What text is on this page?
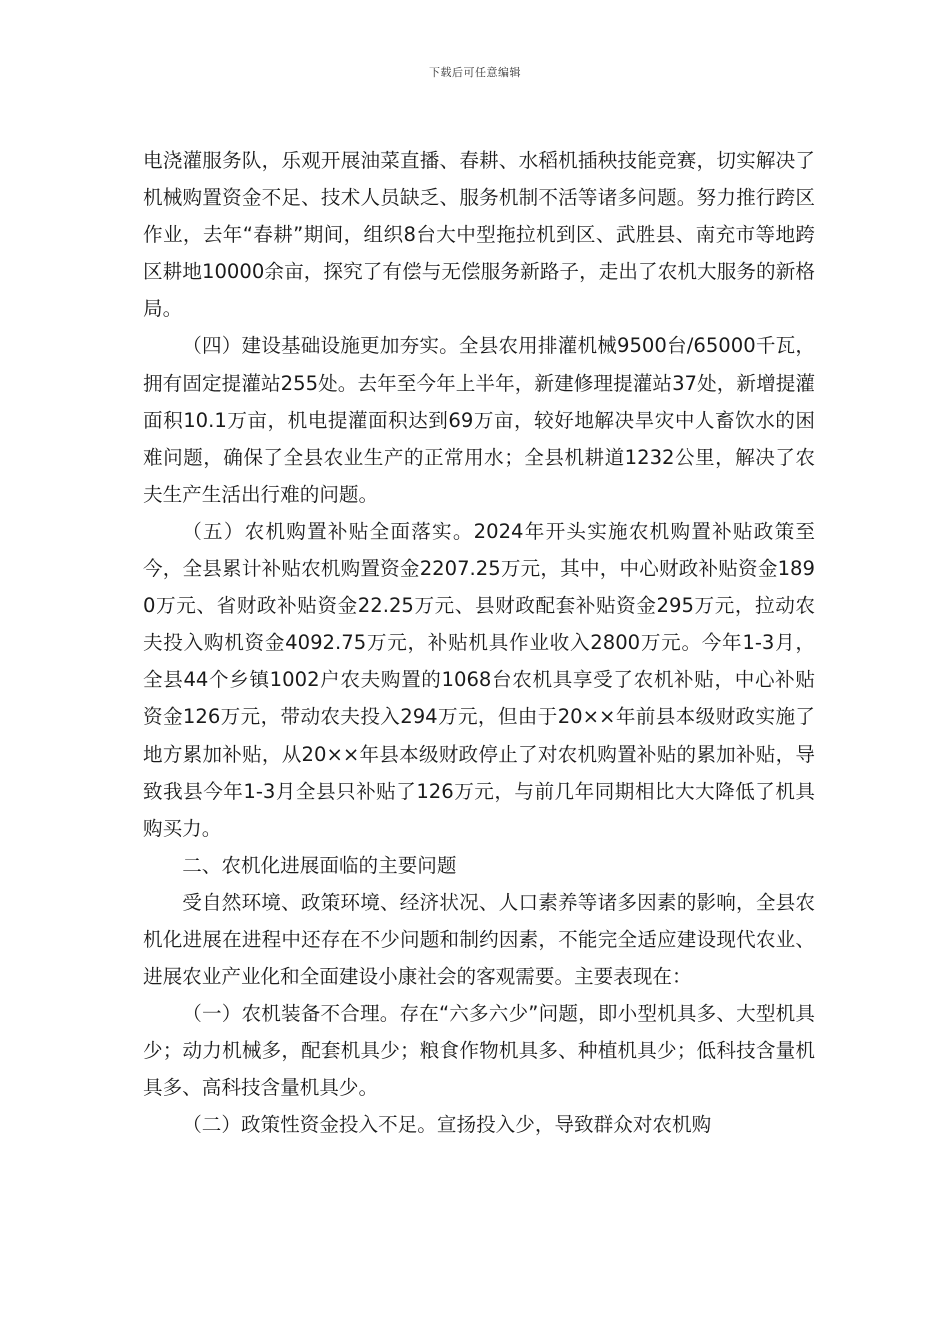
下载后可任意编辑

电浇灌服务队，乐观开展油菜直播、春耕、水稻机插秧技能竞赛，切实解决了机械购置资金不足、技术人员缺乏、服务机制不活等诸多问题。努力推行跨区作业，去年“春耕”期间，组织8台大中型拖拉机到区、武胜县、南充市等地跨区耕地10000余亩，探究了有偿与无偿服务新路子，走出了农机大服务的新格局。

（四）建设基础设施更加夯实。全县农用排灌机械9500台/65000千瓦，拥有固定提灌站255处。去年至今年上半年，新建修理提灌站37处，新增提灌面积10.1万亩，机电提灌面积达到69万亩，较好地解决旱灾中人畜饮水的困难问题，确保了全县农业生产的正常用水；全县机耕道1232公里，解决了农夫生产生活出行难的问题。

（五）农机购置补贴全面落实。2024年开头实施农机购置补贴政策至今，全县累计补贴农机购置资金2207.25万元，其中，中心财政补贴资金1890万元、省财政补贴资金22.25万元、县财政配套补贴资金295万元，拉动农夫投入购机资金4092.75万元，补贴机具作业收入2800万元。今年1-3月，全县44个乡镇1002户农夫购置的1068台农机具享受了农机补贴，中心补贴资金126万元，带动农夫投入294万元，但由于20××年前县本级财政实施了地方累加补贴，从20××年县本级财政停止了对农机购置补贴的累加补贴，导致我县今年1-3月全县只补贴了126万元，与前几年同期相比大大降低了机具购买力。

二、农机化进展面临的主要问题

受自然环境、政策环境、经济状况、人口素养等诸多因素的影响，全县农机化进展在进程中还存在不少问题和制约因素，不能完全适应建设现代农业、进展农业产业化和全面建设小康社会的客观需要。主要表现在：

（一）农机装备不合理。存在“六多六少”问题，即小型机具多、大型机具少；动力机械多，配套机具少；粮食作物机具多、种植机具少；低科技含量机具多、高科技含量机具少。

（二）政策性资金投入不足。宣扬投入少，导致群众对农机购
